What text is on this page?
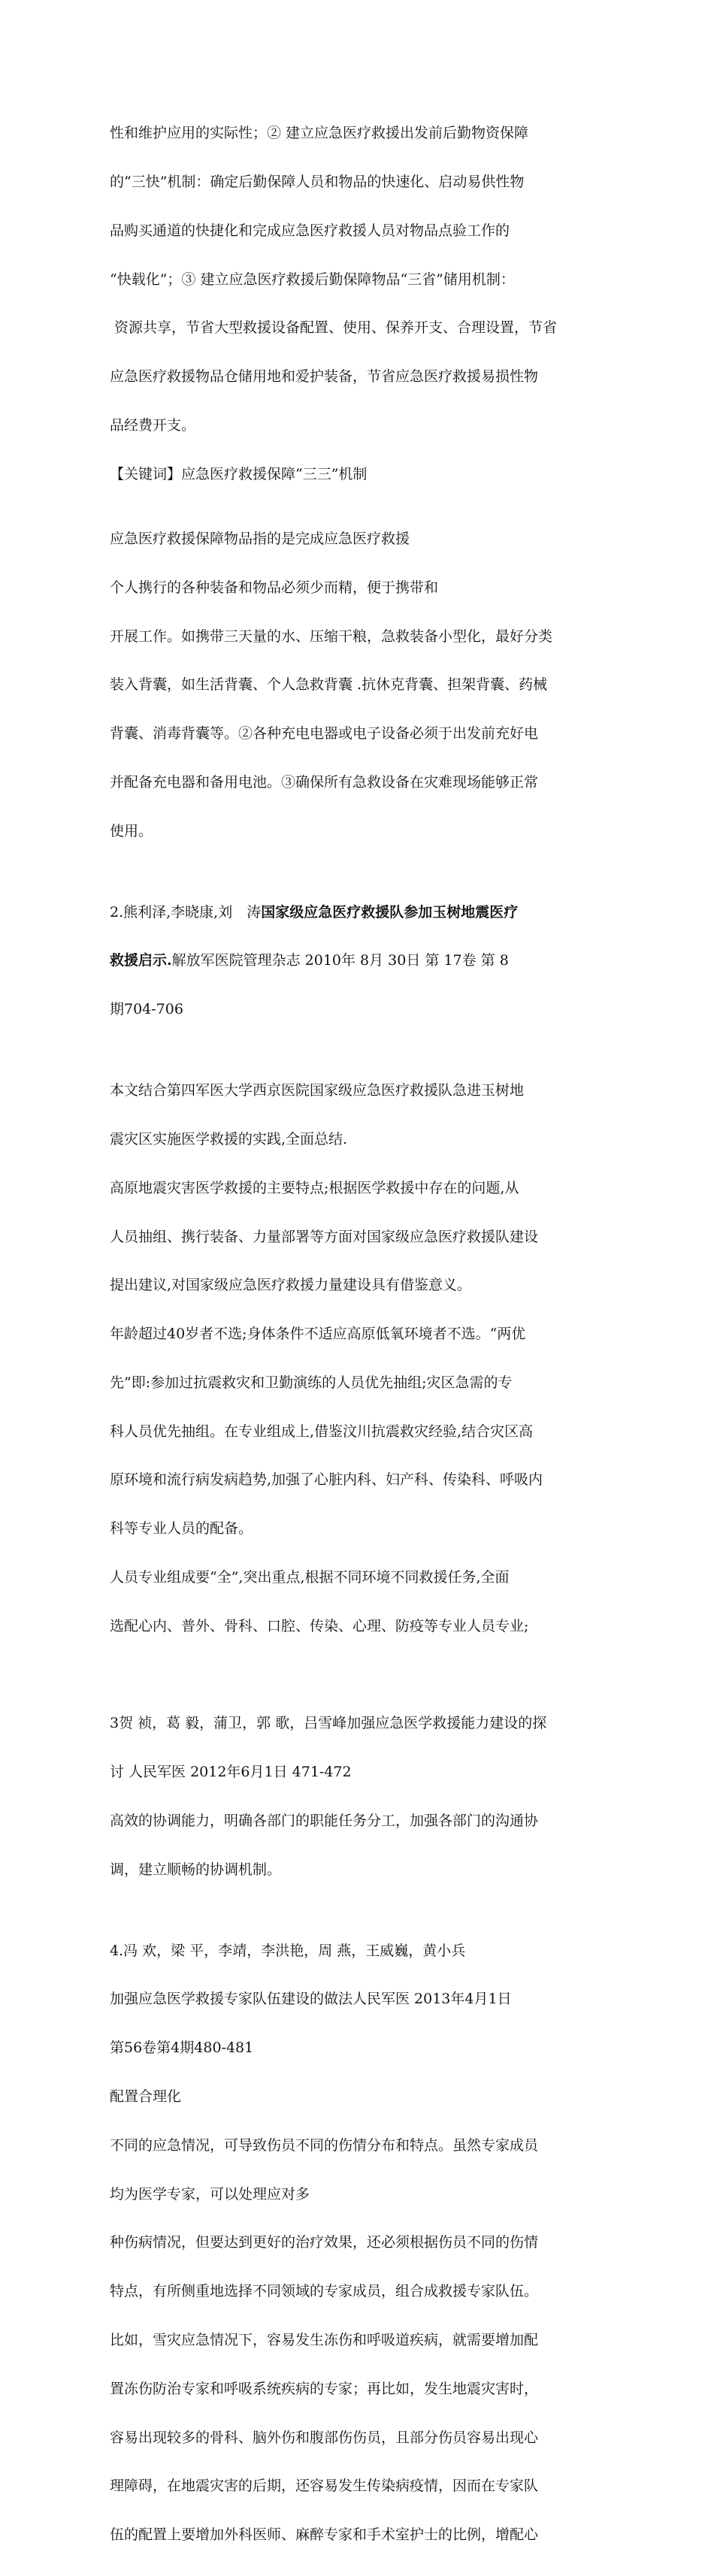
性和维护应用的实际性；② 建立应急医疗救援出发前后勤物资保障

的“三快”机制：确定后勤保障人员和物品的快速化、启动易供性物

品购买通道的快捷化和完成应急医疗救援人员对物品点验工作的

“快载化”；③ 建立应急医疗救援后勤保障物品“三省”储用机制：

资源共享，节省大型救援设备配置、使用、保养开支、合理设置，节省

应急医疗救援物品仓储用地和爱护装备，节省应急医疗救援易损性物

品经费开支。

【关键词】应急医疗救援保障“三三”机制

应急医疗救援保障物品指的是完成应急医疗救援

个人携行的各种装备和物品必须少而精，便于携带和

开展工作。如携带三天量的水、压缩干粮，急救装备小型化，最好分类

装入背囊，如生活背囊、个人急救背囊 .抗休克背囊、担架背囊、药械

背囊、消毒背囊等。②各种充电电器或电子设备必须于出发前充好电

并配备充电器和备用电池。③确保所有急救设备在灾难现场能够正常

使用。

2.熊利泽,李晓康,刘　涛国家级应急医疗救援队参加玉树地震医疗

救援启示.解放军医院管理杂志 2010年 8月 30日 第 17卷 第 8

期704-706

本文结合第四军医大学西京医院国家级应急医疗救援队急进玉树地

震灾区实施医学救援的实践,全面总结.

高原地震灾害医学救援的主要特点;根据医学救援中存在的问题,从

人员抽组、携行装备、力量部署等方面对国家级应急医疗救援队建设

提出建议,对国家级应急医疗救援力量建设具有借鉴意义。

年龄超过40岁者不选;身体条件不适应高原低氧环境者不选。“两优

先”即:参加过抗震救灾和卫勤演练的人员优先抽组;灾区急需的专

科人员优先抽组。在专业组成上,借鉴汶川抗震救灾经验,结合灾区高

原环境和流行病发病趋势,加强了心脏内科、妇产科、传染科、呼吸内

科等专业人员的配备。

人员专业组成要“全”,突出重点,根据不同环境不同救援任务,全面

选配心内、普外、骨科、口腔、传染、心理、防疫等专业人员专业;

3贺 祯，葛 毅，蒲卫，郭 歌，吕雪峰加强应急医学救援能力建设的探

讨 人民军医 2012年6月1日 471-472

高效的协调能力，明确各部门的职能任务分工，加强各部门的沟通协

调，建立顺畅的协调机制。

4.冯 欢，梁 平，李靖，李洪艳，周 燕，王威巍，黄小兵

加强应急医学救援专家队伍建设的做法人民军医 2013年4月1日

第56卷第4期480-481

配置合理化

不同的应急情况，可导致伤员不同的伤情分布和特点。虽然专家成员

均为医学专家，可以处理应对多

种伤病情况，但要达到更好的治疗效果，还必须根据伤员不同的伤情

特点，有所侧重地选择不同领域的专家成员，组合成救援专家队伍。

比如，雪灾应急情况下，容易发生冻伤和呼吸道疾病，就需要增加配

置冻伤防治专家和呼吸系统疾病的专家；再比如，发生地震灾害时，

容易出现较多的骨科、脑外伤和腹部伤伤员，且部分伤员容易出现心

理障碍，在地震灾害的后期，还容易发生传染病疫情，因而在专家队

伍的配置上要增加外科医师、麻醉专家和手术室护士的比例，增配心
